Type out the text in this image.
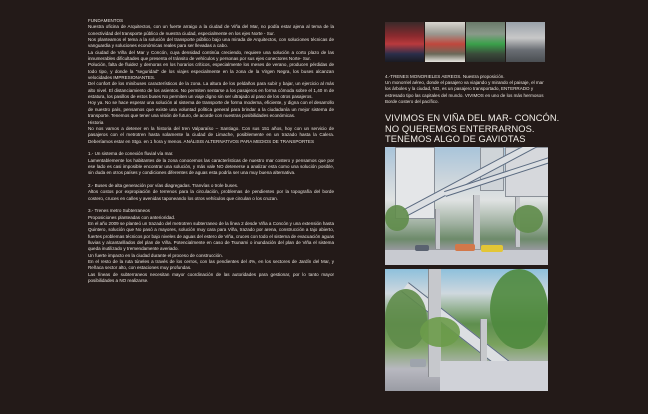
FUNDAMENTOS

Nuestra oficina de Arquitectos, con un fuerte arraigo a la ciudad de Viña del Mar, no podía estar ajena al tema de la conectividad del transporte público de nuestra ciudad, especialmente en los ejes Norte - Sur.

Nos planteamos el tema a la solución del transporte público bajo una mirada de Arquitectos, con soluciones técnicas de vanguardia y soluciones económicas reales para ser llevadas a cabo.

La ciudad de Viña del Mar y Concón, cuya densidad continúa creciendo, requiere una solución a corto plazo de las innumerables dificultades que presenta el tránsito de vehículos y personas por sus ejes conectores Norte- Sur.

Polución, falta de fluidez y demoras en los horarios críticos, especialmente los meses de verano, producen pérdidas de todo tipo, y donde la "seguridad" de los viajes especialmente en la zona de la Virgen Negra, los buses alcanzan velocidades IMPRESIONANTES.

Del confort de los minibuses característicos de la zona. La altura de los peldaños para subir y bajar, un ejercicio al más alto nivel. El distanciamiento de los asientos. No permiten sentarse a los pasajeros en forma cómoda sobre el 1,40 m de estatura, los pasillos de estos buses No permiten un viaje digno sin ser ultrajado al paso de los otros pasajeros.

Hoy ya. No se hace esperar una solución al sistema de transporte de forma moderna, eficiente, y digna con el desarrollo de nuestro país, pensamos que existe una voluntad política general para brindar a la ciudadanía un mejor sistema de transporte. Tenemos que tener una visión de futuro, de acorde con nuestras posibilidades económicas.

Historia

No nos vamos a detener en la historia del tren Valparaíso – Santiago. Con sus 151 años, hoy con un servicio de pasajeros con el metrotren hasta solamente la ciudad de Limache, posiblemente en un trazado hasta la Calera. Deberíamos estar en Stgo. en 1 hora y menos. ANÁLISIS ALTERNATIVOS PARA MEDIOS DE TRANSPORTES

1.- Un sistema de conexión fluvial vía mar.

Lamentablemente los habitantes de la zona conocemos las características de nuestro mar costero y pensamos que por ese lado es casi imposible encontrar una solución, y más vale NO detenerse a analizar esta como una solución posible, sin duda en otros países y condiciones diferentes de aguas esta podría ser una muy buena alternativa.

2.- Buses de alta generación por vías diagregadas. Tranvías o trole buses.

Altos costos por expropiación de terrenos para la circulación, problemas de pendientes por la topografía del borde costero, cruces en calles y avenidas taponeando los otros vehículos que circulan o los cruzan.

3.- Trenes metro Subterraneos

Proposiciones planteadas con anterioridad.

En el año 2009 se planteó un trazado del metrotren subterraneo de la línea 2 desde Viña a Concón y una extensión hasta Quintero, solución que No pasó a mayores, solución muy cara para Viña, trazado por arena, construcción a tajo abierto, fuertes problemas técnicos por bajo niveles de aguas del estero de Viña, cruces con todo el sistema de evacuación aguas lluvias y alcantarillados del plan de Viña. Potencialmente en caso de Tsunami o inundación del plan de Viña el sistema queda inutilizado y tremendamente averiado.

Un fuerte impacto en la ciudad durante el proceso de construcción.

En el resto de la ruta túneles a través de los cerros, con las pendientes del 4%, en los sectores de Jardín del Mar, y Reñaca sector alto, con estaciones muy profundas.

Las líneas de subterraneos necesitan mayor coordinación de las autoridades para gestionar, por lo tanto mayor posibilidades a NO realizarse.

4.-TRENES MONORIELES AEREOS. Nuestra proposición.

Un monorriel aéreo, donde el pasajero va viajando y mirando el paisaje, el mar los árboles y la ciudad, NO, es un pasajero transportado, ENTERRADO y estresado tipo las capitales del mundo. VIVIMOS en uno de los más hermosos Borde costero del pacífico.

VIVIMOS EN VIÑA DEL MAR- CONCÓN.
NO QUEREMOS ENTERRARNOS.
TENEMOS ALGO DE GAVIOTAS
